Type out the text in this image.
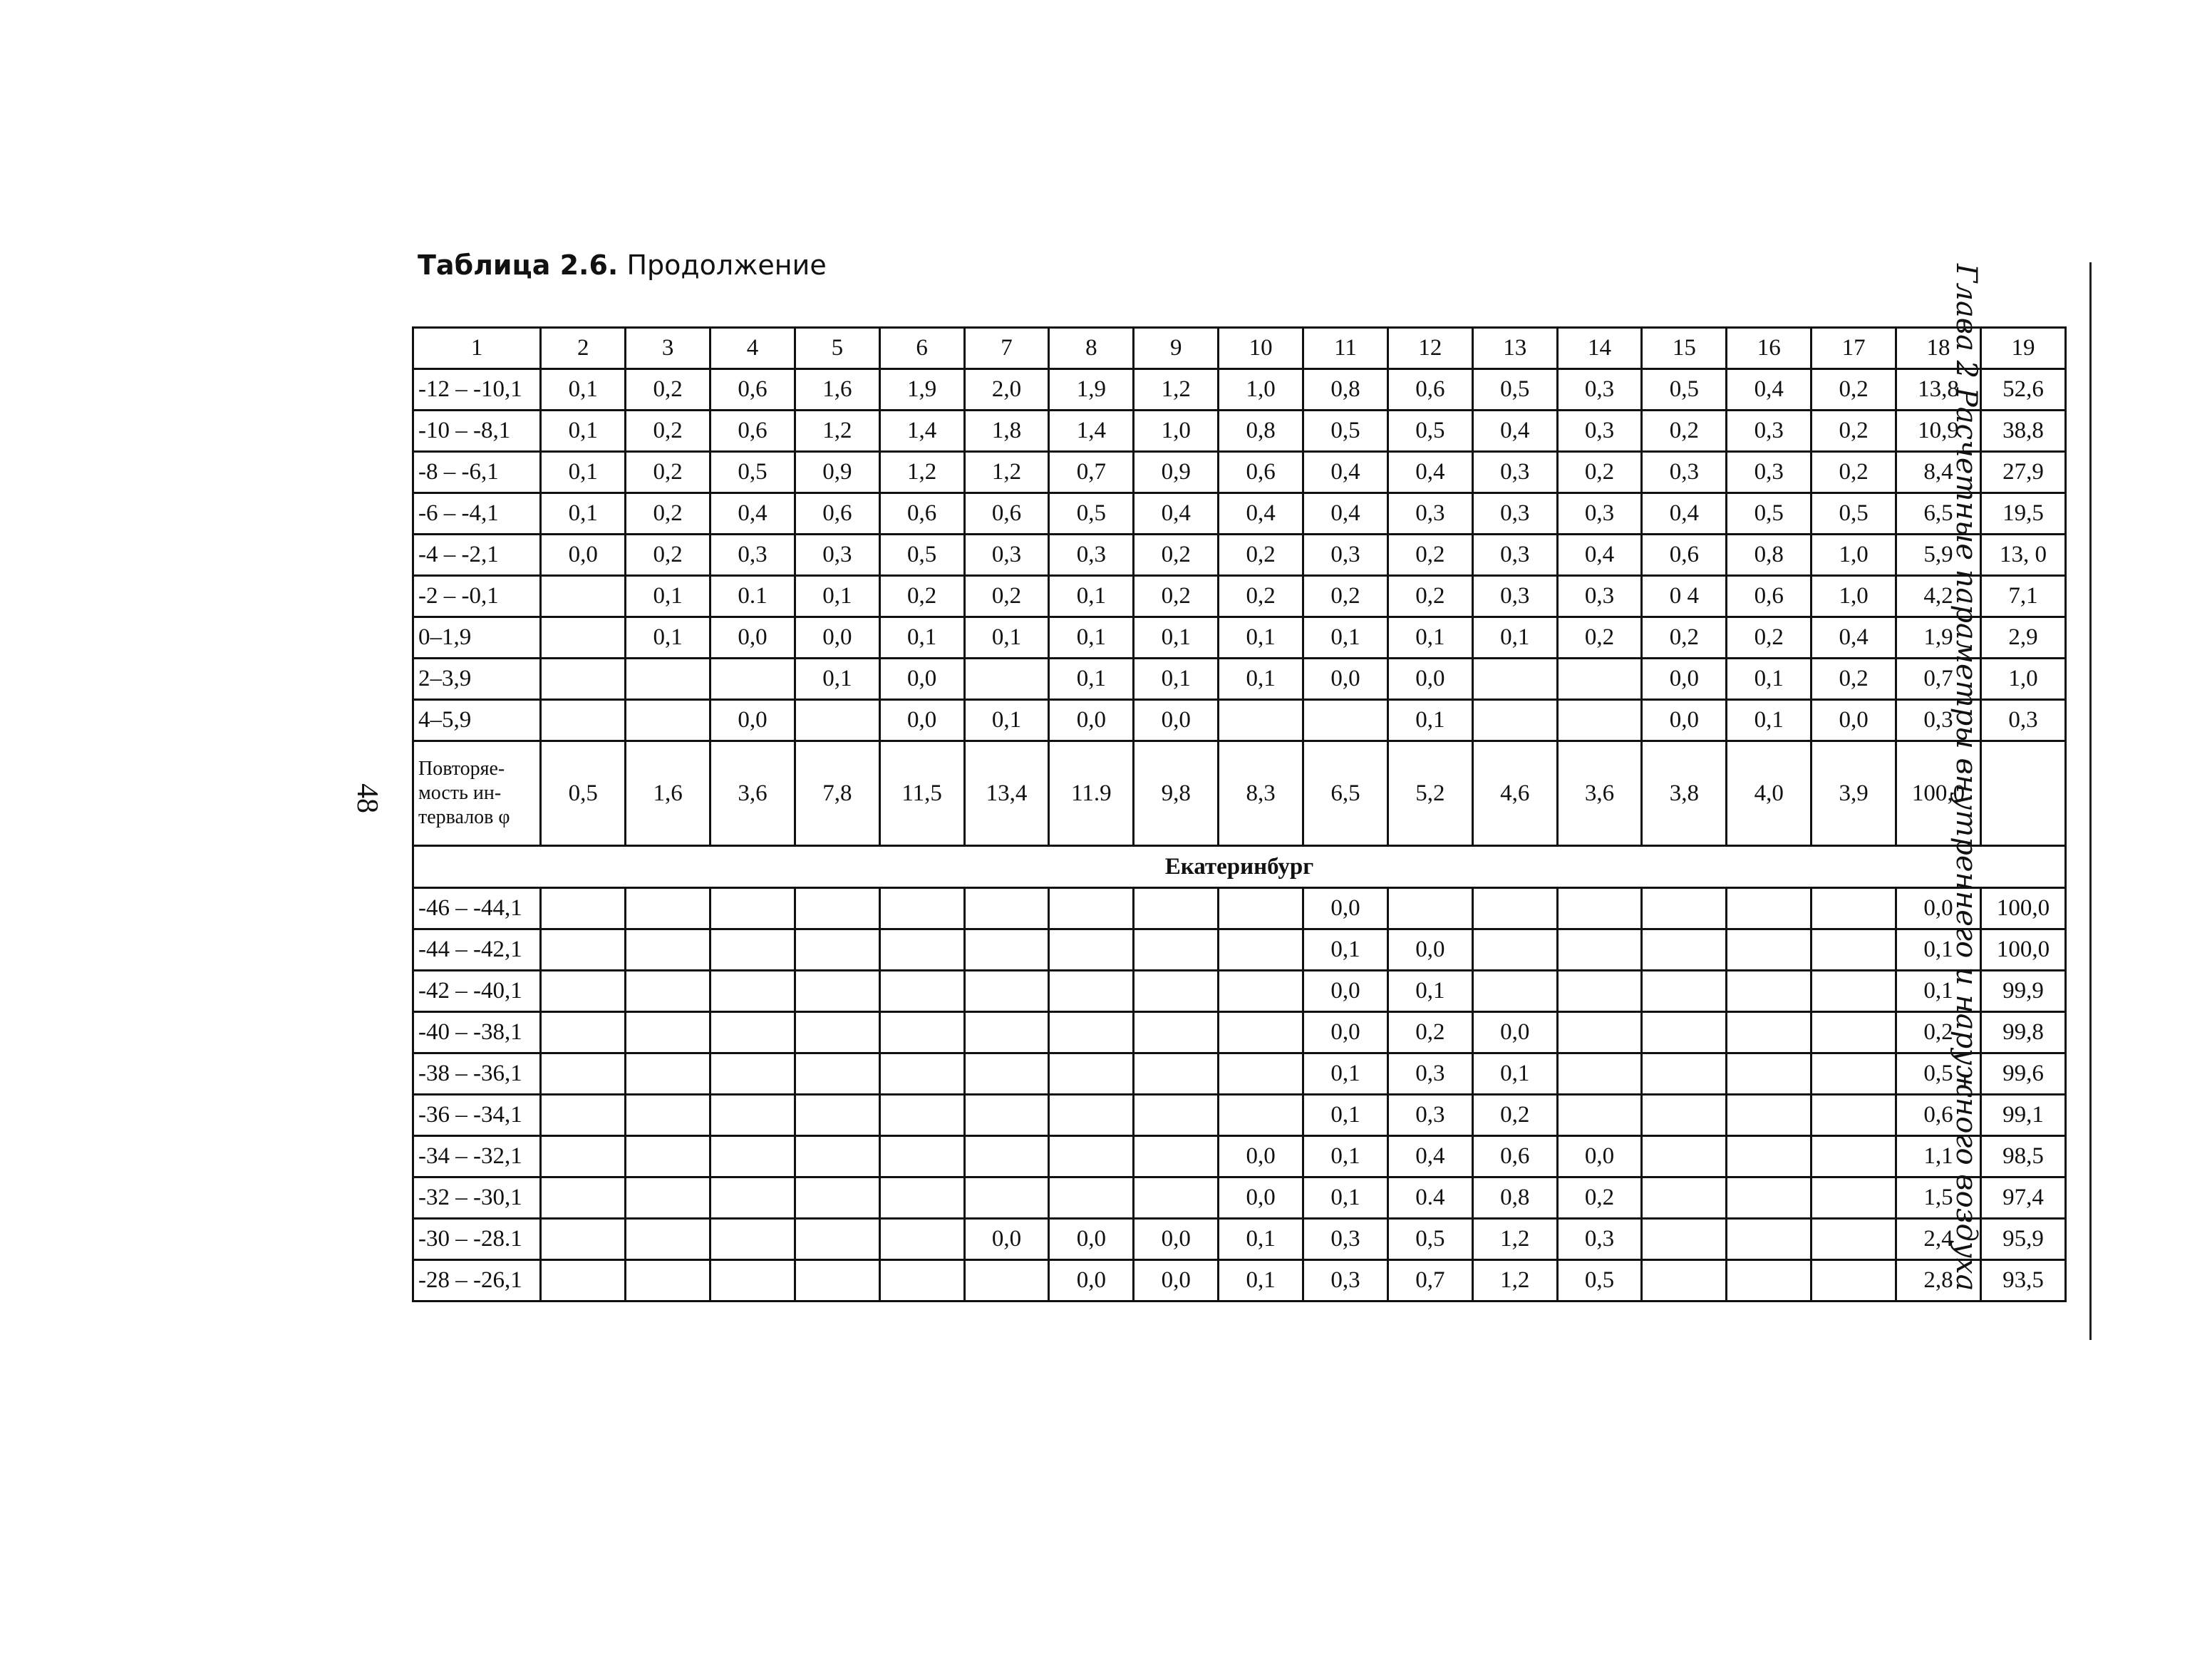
Таблица 2.6. Продолжение
48	Глава 2 Расчетные параметры внутреннего и наружного воздуха
1	2	3	4	5	6	7	8	9	10	11	12	13	14	15	16	17	18	19
-12 – -10,1	0,1	0,2	0,6	1,6	1,9	2,0	1,9	1,2	1,0	0,8	0,6	0,5	0,3	0,5	0,4	0,2	13,8	52,6
-10 – -8,1	0,1	0,2	0,6	1,2	1,4	1,8	1,4	1,0	0,8	0,5	0,5	0,4	0,3	0,2	0,3	0,2	10,9	38,8
-8 – -6,1	0,1	0,2	0,5	0,9	1,2	1,2	0,7	0,9	0,6	0,4	0,4	0,3	0,2	0,3	0,3	0,2	8,4	27,9
-6 – -4,1	0,1	0,2	0,4	0,6	0,6	0,6	0,5	0,4	0,4	0,4	0,3	0,3	0,3	0,4	0,5	0,5	6,5	19,5
-4 – -2,1	0,0	0,2	0,3	0,3	0,5	0,3	0,3	0,2	0,2	0,3	0,2	0,3	0,4	0,6	0,8	1,0	5,9	13, 0
-2 – -0,1		0,1	0.1	0,1	0,2	0,2	0,1	0,2	0,2	0,2	0,2	0,3	0,3	0 4	0,6	1,0	4,2	7,1
0–1,9		0,1	0,0	0,0	0,1	0,1	0,1	0,1	0,1	0,1	0,1	0,1	0,2	0,2	0,2	0,4	1,9	2,9
2–3,9				0,1	0,0		0,1	0,1	0,1	0,0	0,0			0,0	0,1	0,2	0,7	1,0
4–5,9			0,0		0,0	0,1	0,0	0,0			0,1			0,0	0,1	0,0	0,3	0,3
Повторяе-мость ин-тервалов φ	0,5	1,6	3,6	7,8	11,5	13,4	11.9	9,8	8,3	6,5	5,2	4,6	3,6	3,8	4,0	3,9	100,0	
Екатеринбург																		
-46 – -44,1										0,0							0,0	100,0
-44 – -42,1										0,1	0,0						0,1	100,0
-42 – -40,1										0,0	0,1						0,1	99,9
-40 – -38,1										0,0	0,2	0,0					0,2	99,8
-38 – -36,1										0,1	0,3	0,1					0,5	99,6
-36 – -34,1										0,1	0,3	0,2					0,6	99,1
-34 – -32,1									0,0	0,1	0,4	0,6	0,0				1,1	98,5
-32 – -30,1									0,0	0,1	0.4	0,8	0,2				1,5	97,4
-30 – -28.1						0,0	0,0	0,0	0,1	0,3	0,5	1,2	0,3				2,4	95,9
-28 – -26,1							0,0	0,0	0,1	0,3	0,7	1,2	0,5				2,8	93,5
